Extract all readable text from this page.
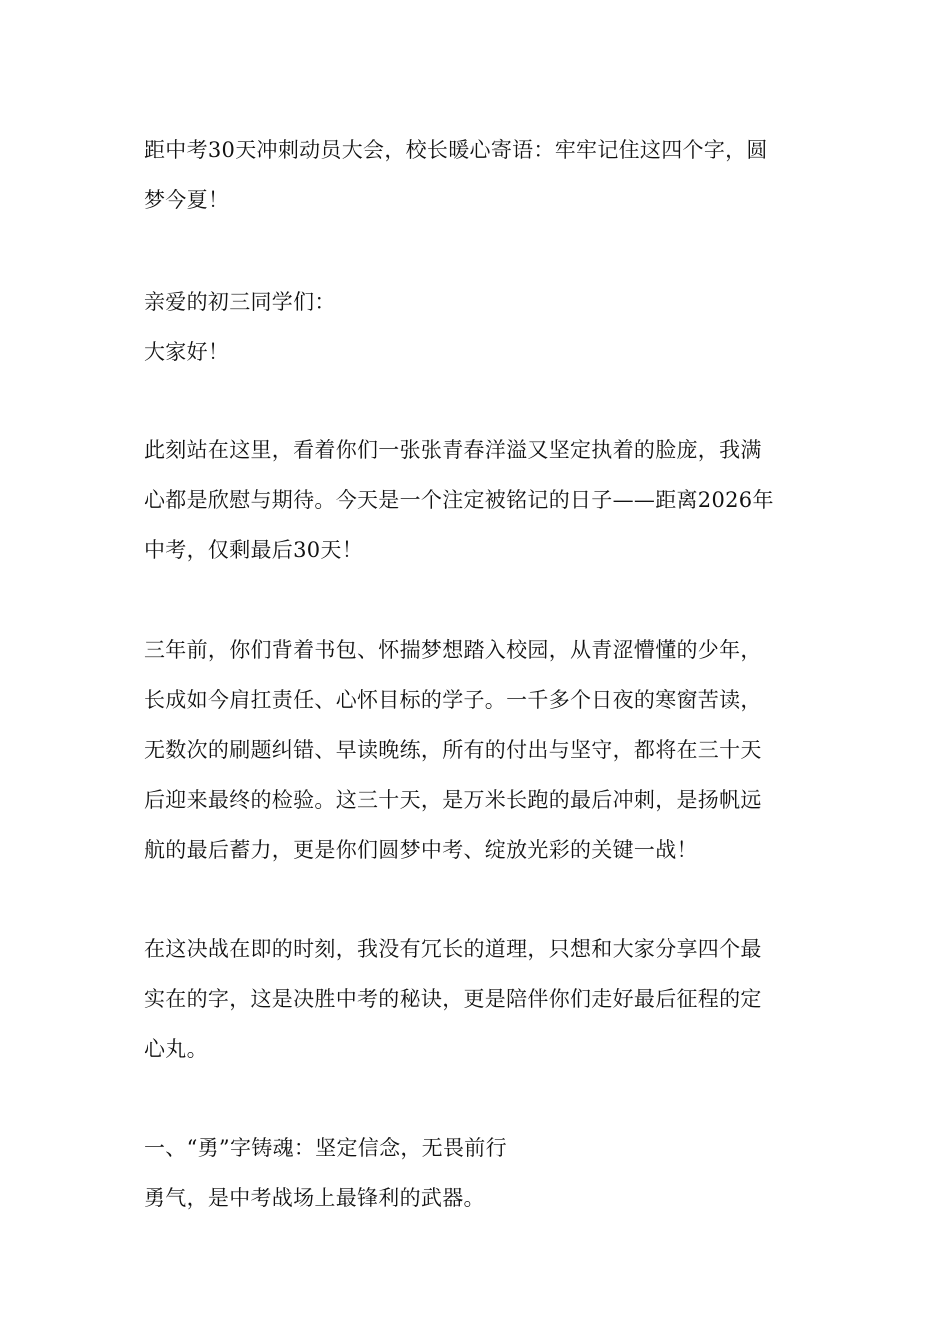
距中考30天冲刺动员大会，校长暖心寄语：牢牢记住这四个字，圆
梦今夏！
亲爱的初三同学们：
大家好！
此刻站在这里，看着你们一张张青春洋溢又坚定执着的脸庞，我满
心都是欣慰与期待。今天是一个注定被铭记的日子——距离2026年
中考，仅剩最后30天！
三年前，你们背着书包、怀揣梦想踏入校园，从青涩懵懂的少年，
长成如今肩扛责任、心怀目标的学子。一千多个日夜的寒窗苦读，
无数次的刷题纠错、早读晚练，所有的付出与坚守，都将在三十天
后迎来最终的检验。这三十天，是万米长跑的最后冲刺，是扬帆远
航的最后蓄力，更是你们圆梦中考、绽放光彩的关键一战！
在这决战在即的时刻，我没有冗长的道理，只想和大家分享四个最
实在的字，这是决胜中考的秘诀，更是陪伴你们走好最后征程的定
心丸。
一、“勇”字铸魂：坚定信念，无畏前行
勇气，是中考战场上最锋利的武器。
